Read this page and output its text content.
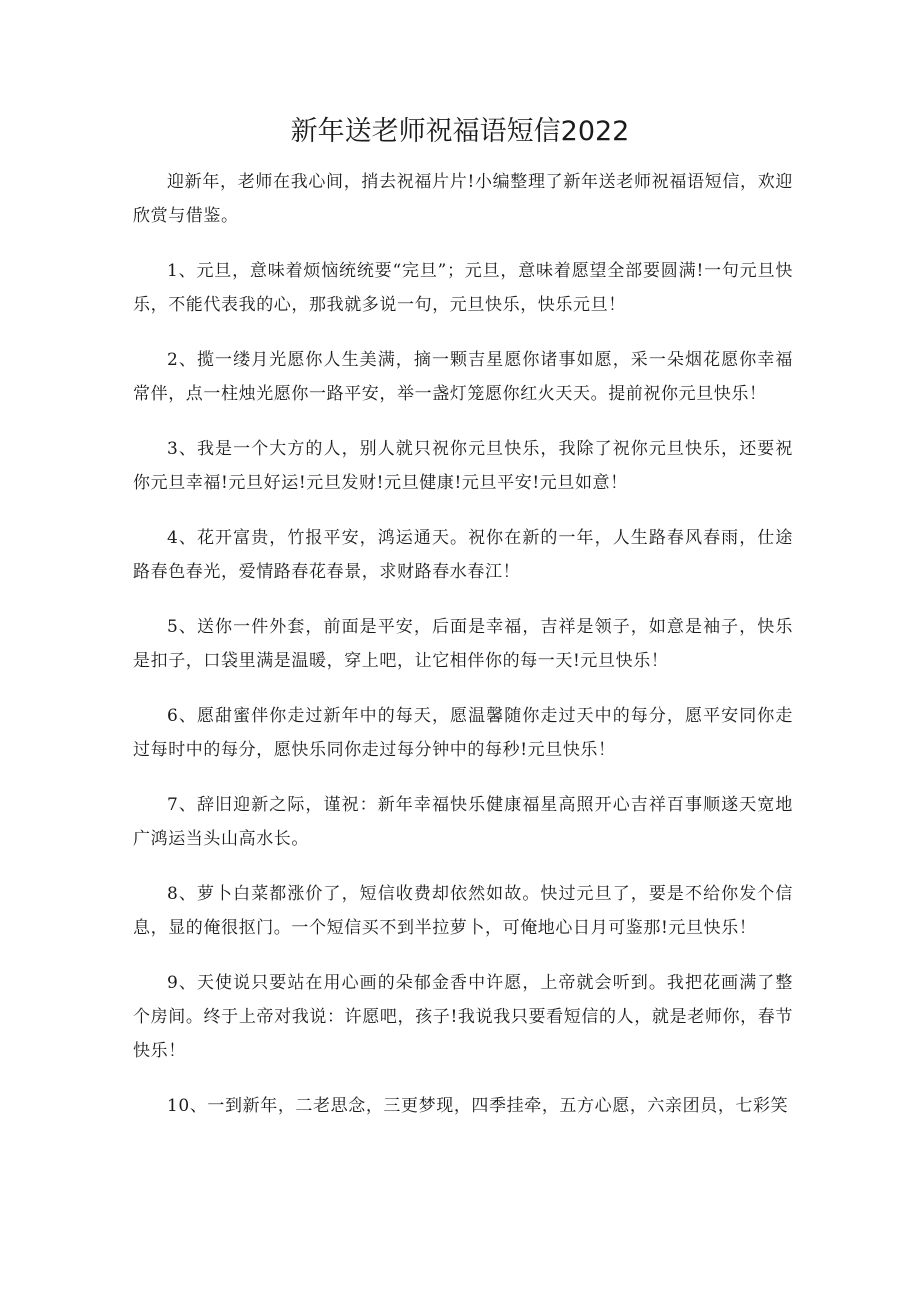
新年送老师祝福语短信2022

迎新年，老师在我心间，捎去祝福片片!小编整理了新年送老师祝福语短信，欢迎欣赏与借鉴。

1、元旦，意味着烦恼统统要“完旦”；元旦，意味着愿望全部要圆满!一句元旦快乐，不能代表我的心，那我就多说一句，元旦快乐，快乐元旦！

2、揽一缕月光愿你人生美满，摘一颗吉星愿你诸事如愿，采一朵烟花愿你幸福常伴，点一柱烛光愿你一路平安，举一盏灯笼愿你红火天天。提前祝你元旦快乐！

3、我是一个大方的人，别人就只祝你元旦快乐，我除了祝你元旦快乐，还要祝你元旦幸福!元旦好运!元旦发财!元旦健康!元旦平安!元旦如意！

4、花开富贵，竹报平安，鸿运通天。祝你在新的一年，人生路春风春雨，仕途路春色春光，爱情路春花春景，求财路春水春江！

5、送你一件外套，前面是平安，后面是幸福，吉祥是领子，如意是袖子，快乐是扣子，口袋里满是温暖，穿上吧，让它相伴你的每一天!元旦快乐！

6、愿甜蜜伴你走过新年中的每天，愿温馨随你走过天中的每分，愿平安同你走过每时中的每分，愿快乐同你走过每分钟中的每秒!元旦快乐！

7、辞旧迎新之际，谨祝：新年幸福快乐健康福星高照开心吉祥百事顺遂天宽地广鸿运当头山高水长。

8、萝卜白菜都涨价了，短信收费却依然如故。快过元旦了，要是不给你发个信息，显的俺很抠门。一个短信买不到半拉萝卜，可俺地心日月可鉴那!元旦快乐！

9、天使说只要站在用心画的朵郁金香中许愿，上帝就会听到。我把花画满了整个房间。终于上帝对我说：许愿吧，孩子!我说我只要看短信的人，就是老师你，春节快乐！

10、一到新年，二老思念，三更梦现，四季挂牵，五方心愿，六亲团员，七彩笑
